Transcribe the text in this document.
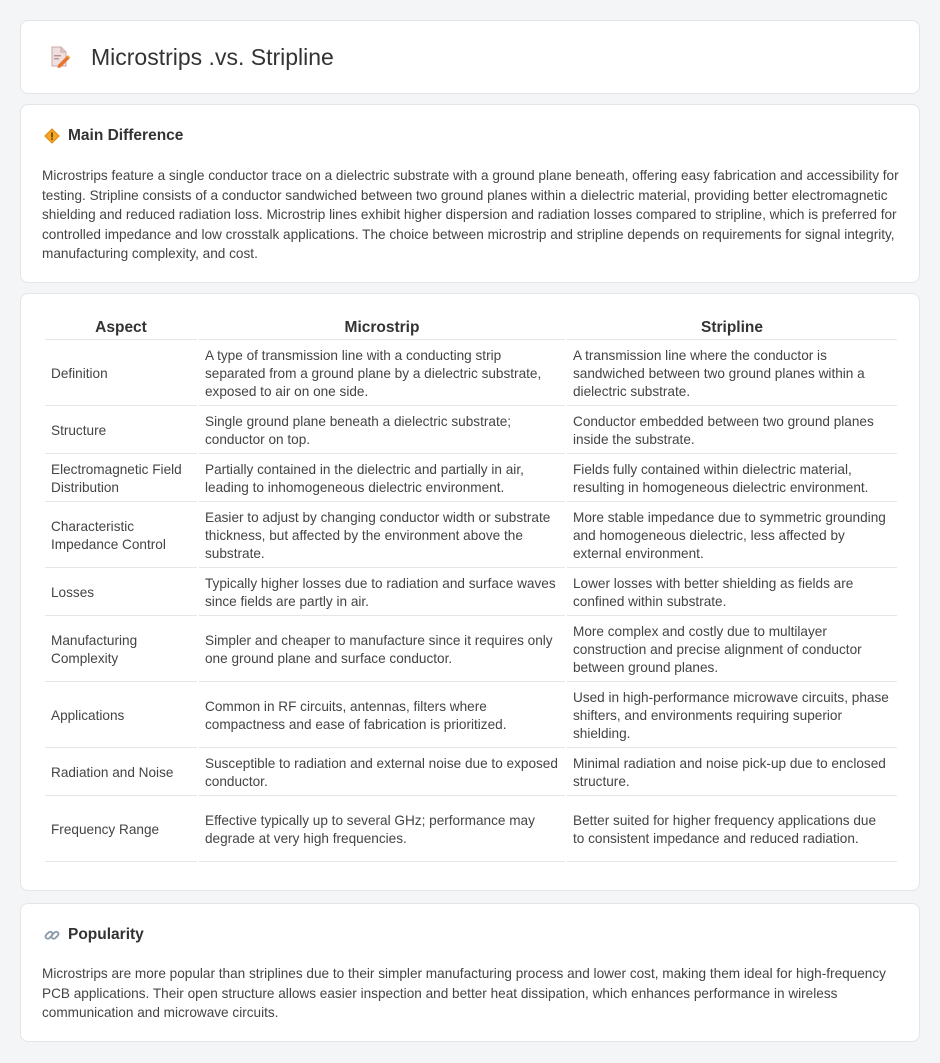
Microstrips .vs. Stripline
Main Difference

Microstrips feature a single conductor trace on a dielectric substrate with a ground plane beneath, offering easy fabrication and accessibility for testing. Stripline consists of a conductor sandwiched between two ground planes within a dielectric material, providing better electromagnetic shielding and reduced radiation loss. Microstrip lines exhibit higher dispersion and radiation losses compared to stripline, which is preferred for controlled impedance and low crosstalk applications. The choice between microstrip and stripline depends on requirements for signal integrity, manufacturing complexity, and cost.

Aspect	Microstrip	Stripline
Definition	A type of transmission line with a conducting strip separated from a ground plane by a dielectric substrate, exposed to air on one side.	A transmission line where the conductor is sandwiched between two ground planes within a dielectric substrate.
Structure	Single ground plane beneath a dielectric substrate; conductor on top.	Conductor embedded between two ground planes inside the substrate.
Electromagnetic Field Distribution	Partially contained in the dielectric and partially in air, leading to inhomogeneous dielectric environment.	Fields fully contained within dielectric material, resulting in homogeneous dielectric environment.
Characteristic Impedance Control	Easier to adjust by changing conductor width or substrate thickness, but affected by the environment above the substrate.	More stable impedance due to symmetric grounding and homogeneous dielectric, less affected by external environment.
Losses	Typically higher losses due to radiation and surface waves since fields are partly in air.	Lower losses with better shielding as fields are confined within substrate.
Manufacturing Complexity	Simpler and cheaper to manufacture since it requires only one ground plane and surface conductor.	More complex and costly due to multilayer construction and precise alignment of conductor between ground planes.
Applications	Common in RF circuits, antennas, filters where compactness and ease of fabrication is prioritized.	Used in high-performance microwave circuits, phase shifters, and environments requiring superior shielding.
Radiation and Noise	Susceptible to radiation and external noise due to exposed conductor.	Minimal radiation and noise pick-up due to enclosed structure.
Frequency Range	Effective typically up to several GHz; performance may degrade at very high frequencies.	Better suited for higher frequency applications due to consistent impedance and reduced radiation.
Popularity

Microstrips are more popular than striplines due to their simpler manufacturing process and lower cost, making them ideal for high-frequency PCB applications. Their open structure allows easier inspection and better heat dissipation, which enhances performance in wireless communication and microwave circuits.
